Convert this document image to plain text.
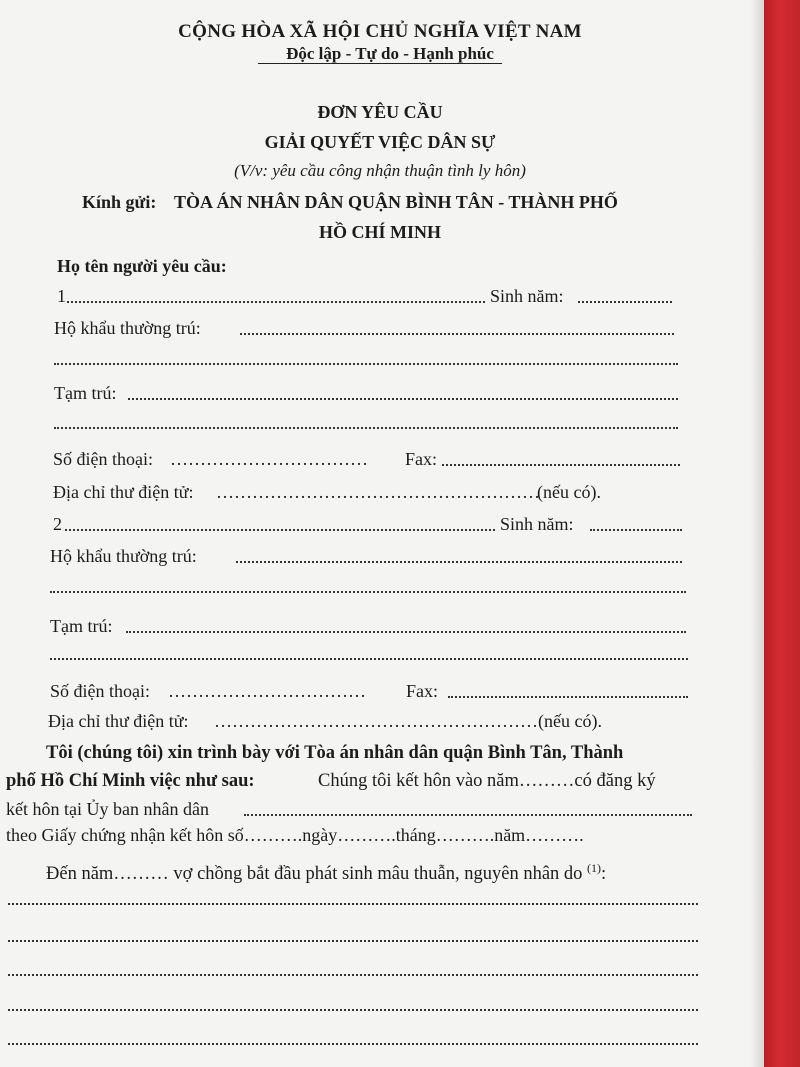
CỘNG HÒA XÃ HỘI CHỦ NGHĨA VIỆT NAM
Độc lập - Tự do - Hạnh phúc
ĐƠN YÊU CẦU
GIẢI QUYẾT VIỆC DÂN SỰ
(V/v: yêu cầu công nhận thuận tình ly hôn)
Kính gửi: TÒA ÁN NHÂN DÂN QUẬN BÌNH TÂN - THÀNH PHỐ
HỒ CHÍ MINH
Họ tên người yêu cầu:
1	Sinh năm:
Hộ khẩu thường trú:
Tạm trú:
Số điện thoại: …………………………… Fax:
Địa chỉ thư điện tử: ………………………………………………
(nếu có).
2	Sinh năm:
Hộ khẩu thường trú:
Tạm trú:
Số điện thoại: …………………………… Fax:
Địa chỉ thư điện tử: ……………………………………………… (nếu có).
Tôi (chúng tôi) xin trình bày với Tòa án nhân dân quận Bình Tân, Thành
phố Hồ Chí Minh việc như sau:	Chúng tôi kết hôn vào năm………có đăng ký
kết hôn tại Ủy ban nhân dân
theo Giấy chứng nhận kết hôn số……….ngày……….tháng……….năm……….
Đến năm……… vợ chồng bắt đầu phát sinh mâu thuẫn, nguyên nhân do $^{(1)}$:
